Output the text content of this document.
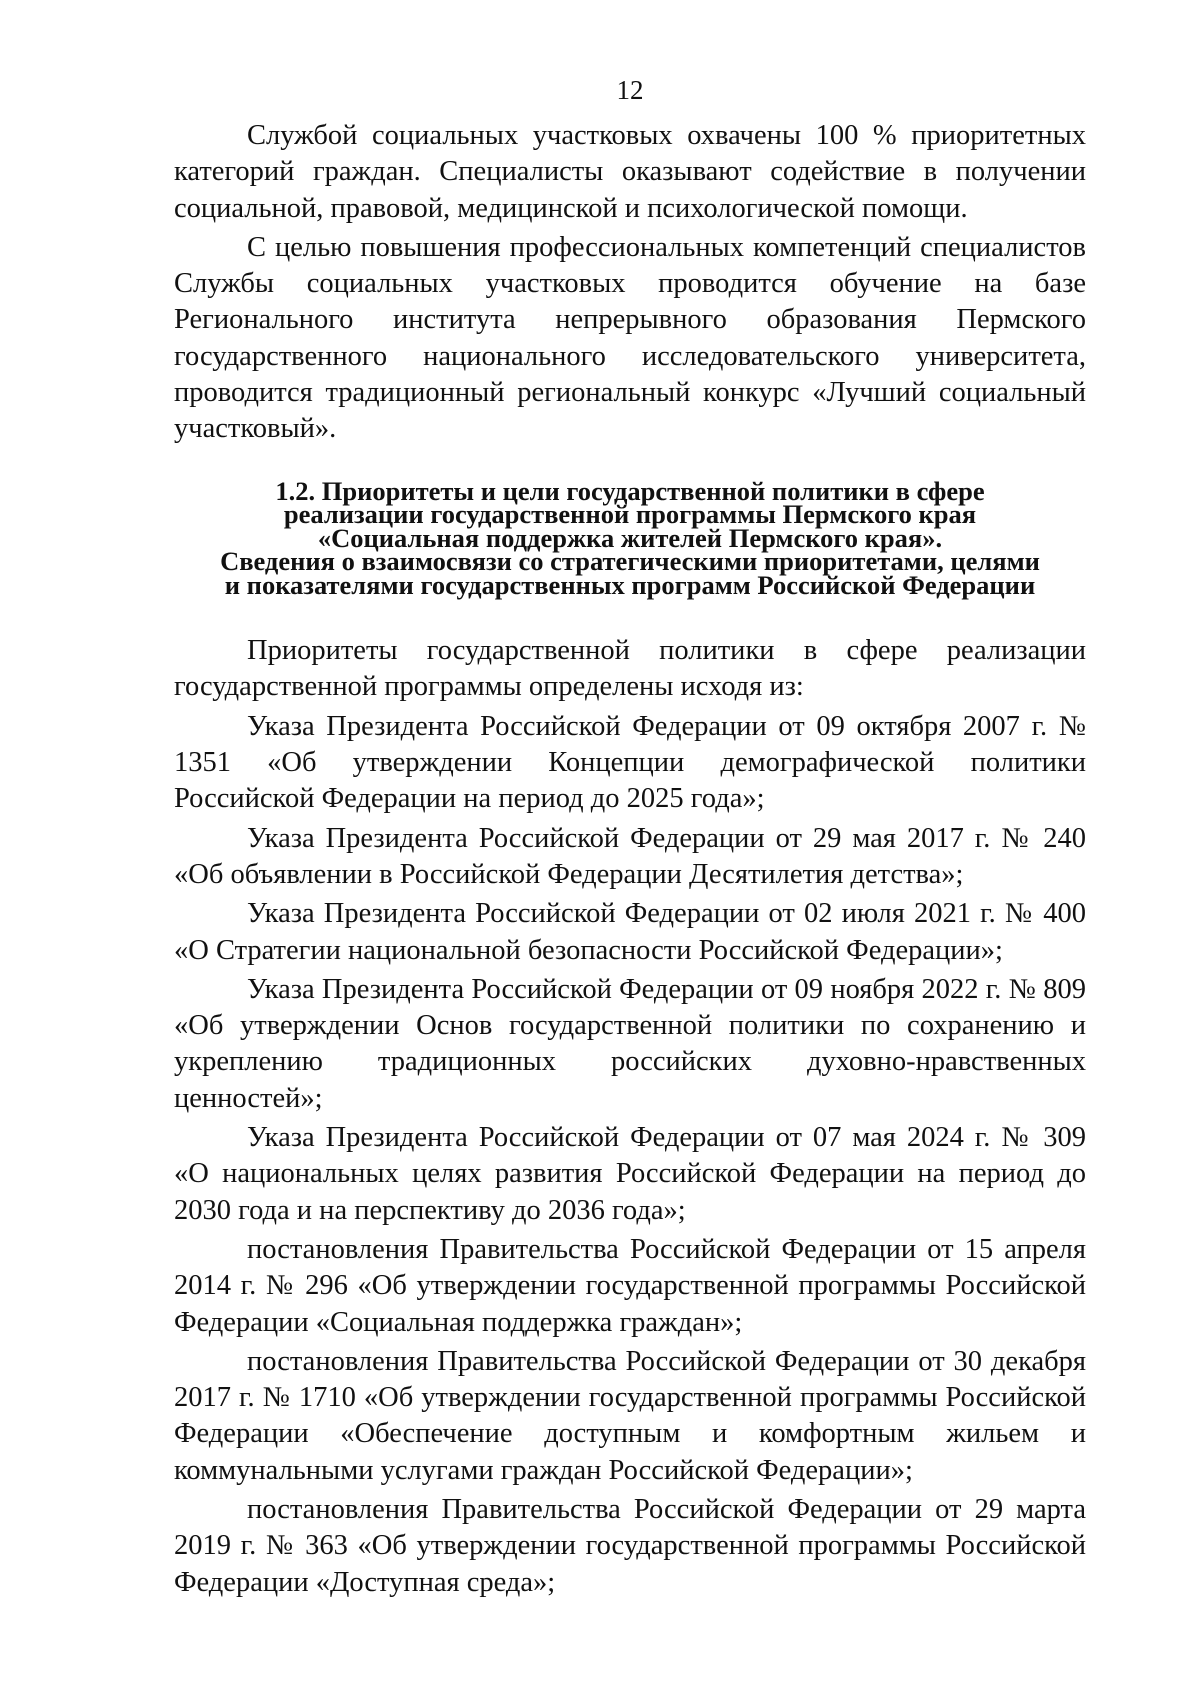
12

Службой социальных участковых охвачены 100 % приоритетных категорий граждан. Специалисты оказывают содействие в получении социальной, правовой, медицинской и психологической помощи.

С целью повышения профессиональных компетенций специалистов Службы социальных участковых проводится обучение на базе Регионального института непрерывного образования Пермского государственного национального исследовательского университета, проводится традиционный региональный конкурс «Лучший социальный участковый».

1.2. Приоритеты и цели государственной политики в сфере
реализации государственной программы Пермского края
«Социальная поддержка жителей Пермского края».
Сведения о взаимосвязи со стратегическими приоритетами, целями
и показателями государственных программ Российской Федерации

Приоритеты государственной политики в сфере реализации государственной программы определены исходя из:

Указа Президента Российской Федерации от 09 октября 2007 г. № 1351 «Об утверждении Концепции демографической политики Российской Федерации на период до 2025 года»;

Указа Президента Российской Федерации от 29 мая 2017 г. № 240 «Об объявлении в Российской Федерации Десятилетия детства»;

Указа Президента Российской Федерации от 02 июля 2021 г. № 400 «О Стратегии национальной безопасности Российской Федерации»;

Указа Президента Российской Федерации от 09 ноября 2022 г. № 809 «Об утверждении Основ государственной политики по сохранению и укреплению традиционных российских духовно-нравственных ценностей»;

Указа Президента Российской Федерации от 07 мая 2024 г. № 309 «О национальных целях развития Российской Федерации на период до 2030 года и на перспективу до 2036 года»;

постановления Правительства Российской Федерации от 15 апреля 2014 г. № 296 «Об утверждении государственной программы Российской Федерации «Социальная поддержка граждан»;

постановления Правительства Российской Федерации от 30 декабря 2017 г. № 1710 «Об утверждении государственной программы Российской Федерации «Обеспечение доступным и комфортным жильем и коммунальными услугами граждан Российской Федерации»;

постановления Правительства Российской Федерации от 29 марта 2019 г. № 363 «Об утверждении государственной программы Российской Федерации «Доступная среда»;
